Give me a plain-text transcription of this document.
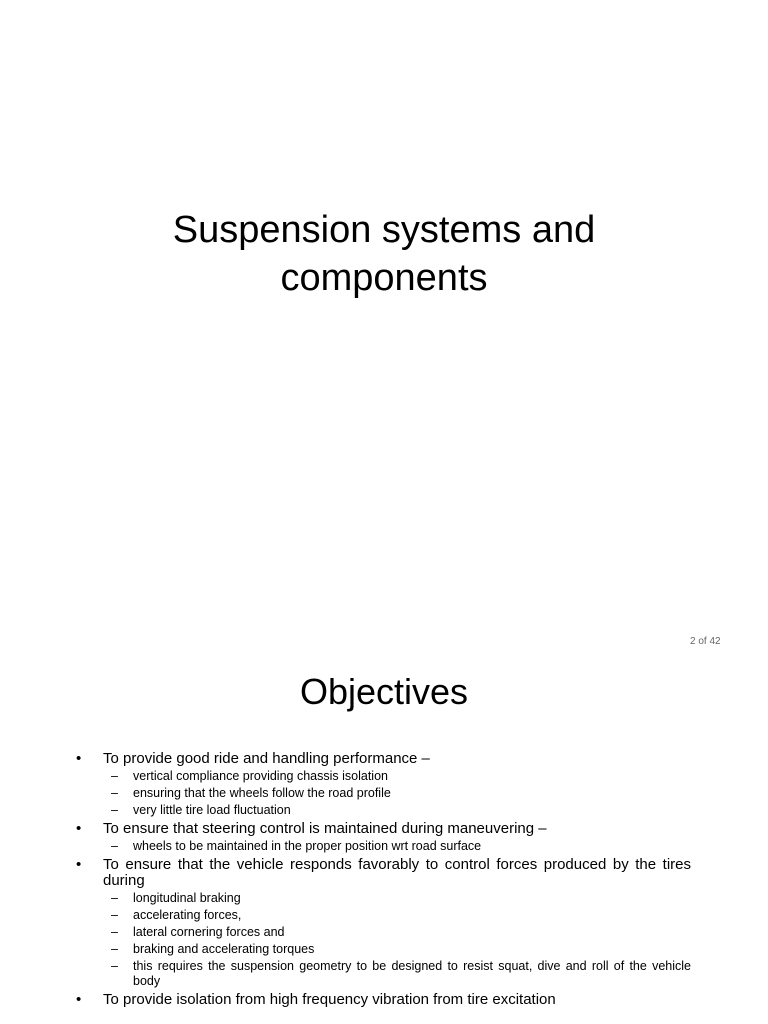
Suspension systems and components
2 of 42
Objectives
• To provide good ride and handling performance –
– vertical compliance providing chassis isolation
– ensuring that the wheels follow the road profile
– very little tire load fluctuation
• To ensure that steering control is maintained during maneuvering –
– wheels to be maintained in the proper position wrt road surface
• To ensure that the vehicle responds favorably to control forces produced by the tires during
– longitudinal braking
– accelerating forces,
– lateral cornering forces and
– braking and accelerating torques
– this requires the suspension geometry to be designed to resist squat, dive and roll of the vehicle body
• To provide isolation from high frequency vibration from tire excitation
